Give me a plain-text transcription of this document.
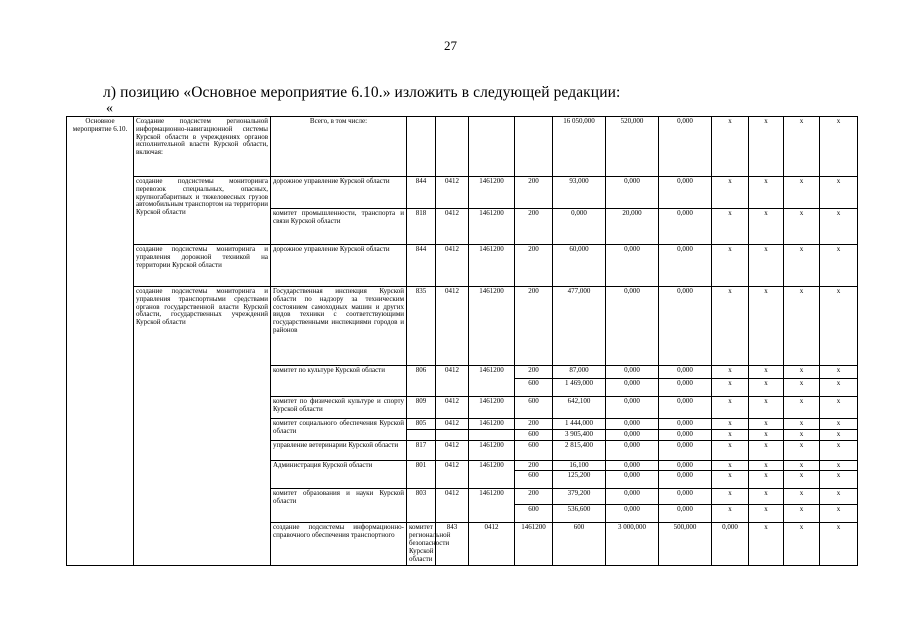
27
л) позицию «Основное мероприятие 6.10.» изложить в следующей редакции:
«
Основное мероприятие 6.10.	Создание подсистем региональной информационно-навигационной системы Курской области в учреждениях органов исполнительной власти Курской области, включая:	Всего, в том числе:					16 050,000	520,000	0,000	х	х	х	х	
	создание подсистемы мониторинга перевозок специальных, опасных, крупногабаритных и тяжеловесных грузов автомобильным транспортом на территории Курской области	дорожное управление Курской области	844	0412	1461200	200	93,000	0,000	0,000	х	х	х	х	
		комитет промышленности, транспорта и связи Курской области	818	0412	1461200	200	0,000	20,000	0,000	х	х	х	х	
	создание подсистемы мониторинга и управления дорожной техникой на территории Курской области	дорожное управление Курской области	844	0412	1461200	200	60,000	0,000	0,000	х	х	х	х	
	создание подсистемы мониторинга и управления транспортными средствами органов государственной власти Курской области, государственных учреждений Курской области	Государственная инспекция Курской области по надзору за техническим состоянием самоходных машин и других видов техники с соответствующими государственными инспекциями городов и районов	835	0412	1461200	200	477,000	0,000	0,000	х	х	х	х	
		комитет по культуре Курской области	806	0412	1461200	200	87,000	0,000	0,000	х	х	х	х	
						600	1 469,000	0,000	0,000	х	х	х	х	

		комитет по физической культуре и спорту Курской области	809	0412	1461200	600	642,100	0,000	0,000	х	х	х	х	
		комитет социального обеспечения Курской области	805	0412	1461200	200	1 444,000	0,000	0,000	х	х	х	х	
						600	3 905,400	0,000	0,000	х	х	х	х	
		управление ветеринарии Курской области	817	0412	1461200	600	2 815,400	0,000	0,000	х	х	х	х	
		Администрация Курской области	801	0412	1461200	200	16,100	0,000	0,000	х	х	х	х	
						600	125,200	0,000	0,000	х	х	х	х	
		комитет образования и науки Курской области	803	0412	1461200	200	379,200	0,000	0,000	х	х	х	х	
						600	536,600	0,000	0,000	х	х	х	х	
		создание подсистемы информационно-справочного обеспечения транспортного	комитет региональной безопасности Курской области	843	0412	1461200	600	3 000,000	500,000	0,000	х	х	х	
